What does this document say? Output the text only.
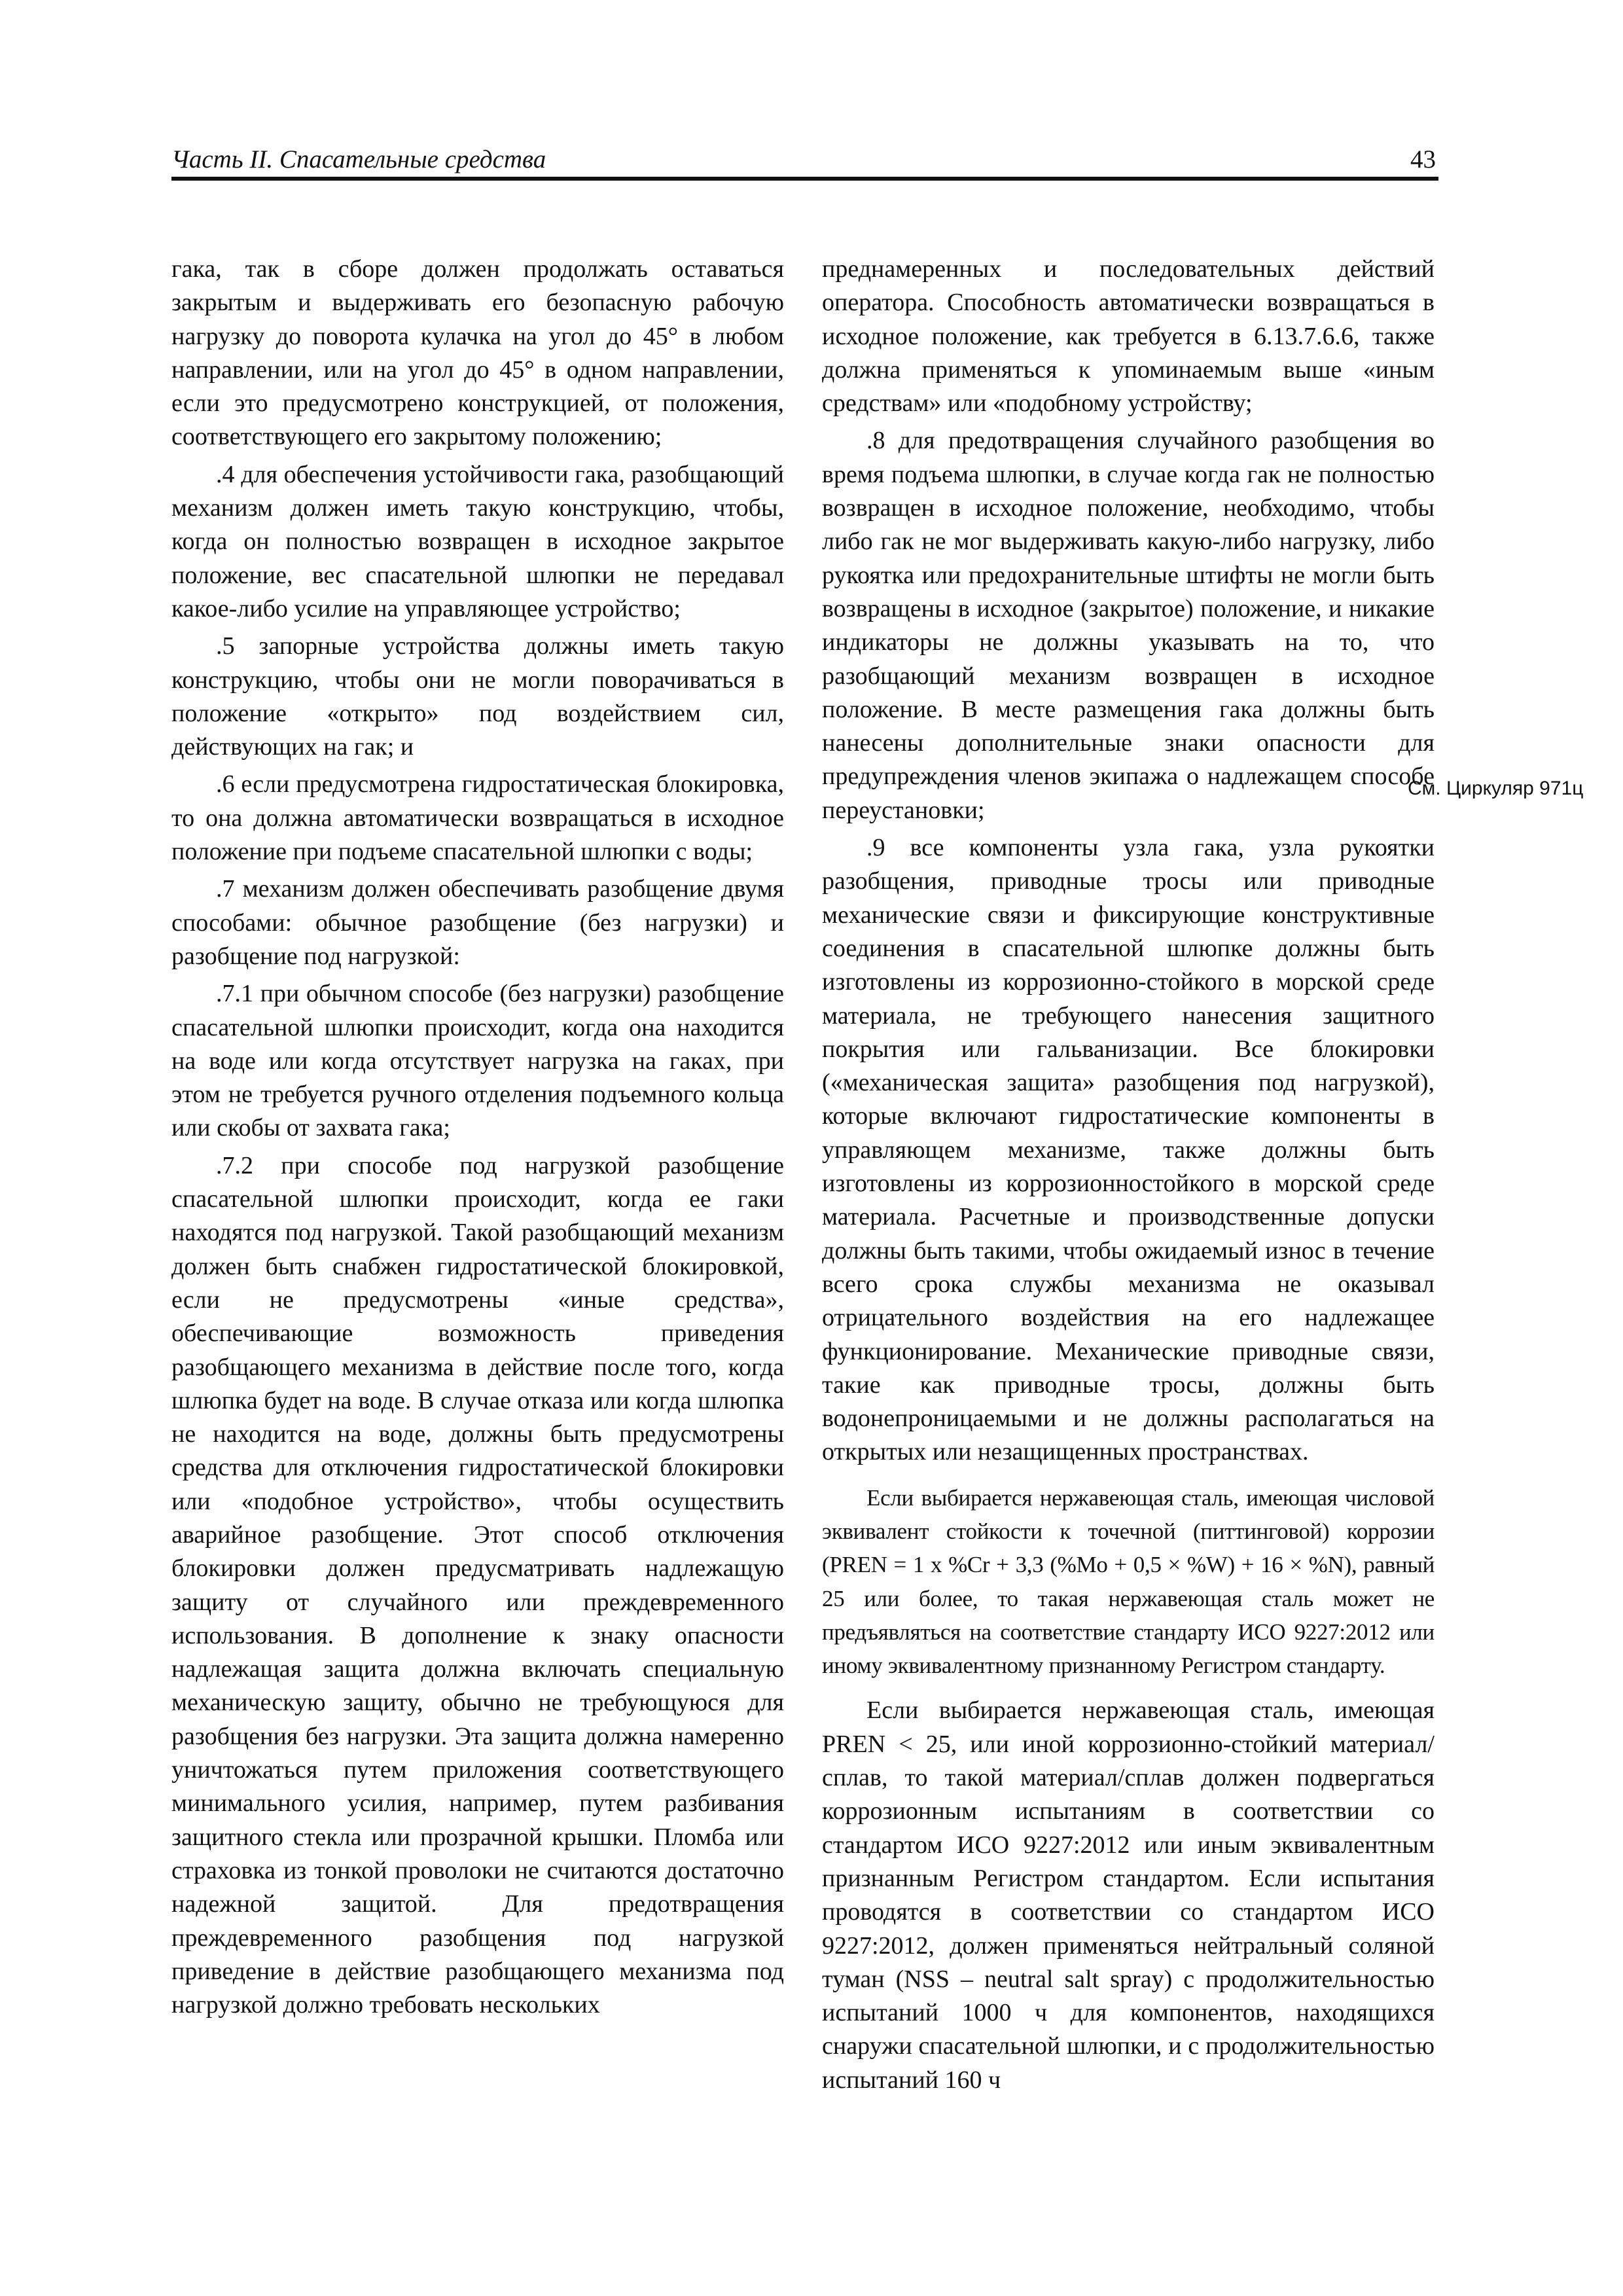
Часть II. Спасательные средства	43

гака, так в сборе должен продолжать оставаться закрытым и выдерживать его безопасную рабочую нагрузку до поворота кулачка на угол до 45° в любом направлении, или на угол до 45° в одном направлении, если это предусмотрено конструкцией, от положения, соответствующего его закрытому положению;

.4 для обеспечения устойчивости гака, разобщающий механизм должен иметь такую конструкцию, чтобы, когда он полностью возвращен в исходное закрытое положение, вес спасательной шлюпки не передавал какое-либо усилие на управляющее устройство;

.5 запорные устройства должны иметь такую конструкцию, чтобы они не могли поворачиваться в положение «открыто» под воздействием сил, действующих на гак; и

.6 если предусмотрена гидростатическая блокировка, то она должна автоматически возвращаться в исходное положение при подъеме спасательной шлюпки с воды;

.7 механизм должен обеспечивать разобщение двумя способами: обычное разобщение (без нагрузки) и разобщение под нагрузкой:

.7.1 при обычном способе (без нагрузки) разобщение спасательной шлюпки происходит, когда она находится на воде или когда отсутствует нагрузка на гаках, при этом не требуется ручного отделения подъемного кольца или скобы от захвата гака;

.7.2 при способе под нагрузкой разобщение спасательной шлюпки происходит, когда ее гаки находятся под нагрузкой. Такой разобщающий механизм должен быть снабжен гидростатической блокировкой, если не предусмотрены «иные средства», обеспечивающие возможность приведения разобщающего механизма в действие после того, когда шлюпка будет на воде. В случае отказа или когда шлюпка не находится на воде, должны быть предусмотрены средства для отключения гидростатической блокировки или «подобное устройство», чтобы осуществить аварийное разобщение. Этот способ отключения блокировки должен предусматривать надлежащую защиту от случайного или преждевременного использования. В дополнение к знаку опасности надлежащая защита должна включать специальную механическую защиту, обычно не требующуюся для разобщения без нагрузки. Эта защита должна намеренно уничтожаться путем приложения соответствующего минимального усилия, например, путем разбивания защитного стекла или прозрачной крышки. Пломба или страховка из тонкой проволоки не считаются достаточно надежной защитой. Для предотвращения преждевременного разобщения под нагрузкой приведение в действие разобщающего механизма под нагрузкой должно требовать нескольких

преднамеренных и последовательных действий оператора. Способность автоматически возвращаться в исходное положение, как требуется в 6.13.7.6.6, также должна применяться к упоминаемым выше «иным средствам» или «подобному устройству;

.8 для предотвращения случайного разобщения во время подъема шлюпки, в случае когда гак не полностью возвращен в исходное положение, необходимо, чтобы либо гак не мог выдерживать какую-либо нагрузку, либо рукоятка или предохранительные штифты не могли быть возвращены в исходное (закрытое) положение, и никакие индикаторы не должны указывать на то, что разобщающий механизм возвращен в исходное положение. В месте размещения гака должны быть нанесены дополнительные знаки опасности для предупреждения членов экипажа о надлежащем способе переустановки;

.9 все компоненты узла гака, узла рукоятки разобщения, приводные тросы или приводные механические связи и фиксирующие конструктивные соединения в спасательной шлюпке должны быть изготовлены из коррозионно-стойкого в морской среде материала, не требующего нанесения защитного покрытия или гальванизации. Все блокировки («механическая защита» разобщения под нагрузкой), которые включают гидростатические компоненты в управляющем механизме, также должны быть изготовлены из коррозионностойкого в морской среде материала. Расчетные и производственные допуски должны быть такими, чтобы ожидаемый износ в течение всего срока службы механизма не оказывал отрицательного воздействия на его надлежащее функционирование. Механические приводные связи, такие как приводные тросы, должны быть водонепроницаемыми и не должны располагаться на открытых или незащищенных пространствах.

Если выбирается нержавеющая сталь, имеющая числовой эквивалент стойкости к точечной (питтинговой) коррозии (PREN = 1 x %Cr + 3,3 (%Mo + 0,5 × %W) + 16 × %N), равный 25 или более, то такая нержавеющая сталь может не предъявляться на соответствие стандарту ИСО 9227:2012 или иному эквивалентному признанному Регистром стандарту.

Если выбирается нержавеющая сталь, имеющая PREN < 25, или иной коррозионно-стойкий материал/сплав, то такой материал/сплав должен подвергаться коррозионным испытаниям в соответствии со стандартом ИСО 9227:2012 или иным эквивалентным признанным Регистром стандартом. Если испытания проводятся в соответствии со стандартом ИСО 9227:2012, должен применяться нейтральный соляной туман (NSS – neutral salt spray) с продолжительностью испытаний 1000 ч для компонентов, находящихся снаружи спасательной шлюпки, и с продолжительностью испытаний 160 ч

См. Циркуляр 971ц
